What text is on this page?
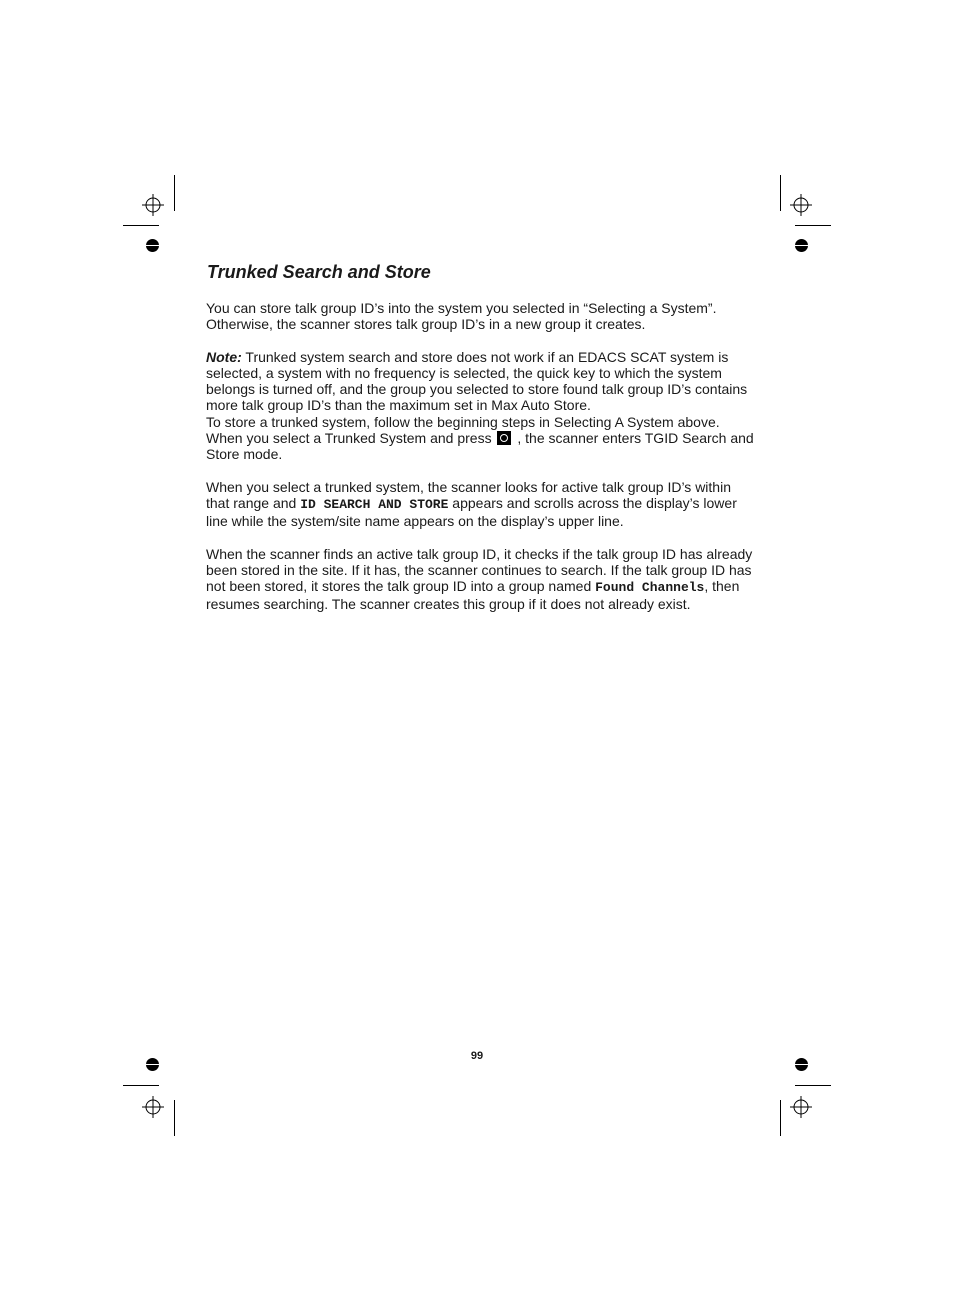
Trunked Search and Store

You can store talk group ID’s into the system you selected in “Selecting a System”. Otherwise, the scanner stores talk group ID’s in a new group it creates.

Note: Trunked system search and store does not work if an EDACS SCAT system is selected, a system with no frequency is selected, the quick key to which the system belongs is turned off, and the group you selected to store found talk group ID’s contains more talk group ID’s than the maximum set in Max Auto Store.

To store a trunked system, follow the beginning steps in Selecting A System above. When you select a Trunked System and press  , the scanner enters TGID Search and Store mode.

When you select a trunked system, the scanner looks for active talk group ID’s within that range and ID SEARCH AND STORE appears and scrolls across the display’s lower line while the system/site name appears on the display’s upper line.

When the scanner finds an active talk group ID, it checks if the talk group ID has already been stored in the site. If it has, the scanner continues to search. If the talk group ID has not been stored, it stores the talk group ID into a group named Found Channels, then resumes searching. The scanner creates this group if it does not already exist.

99
